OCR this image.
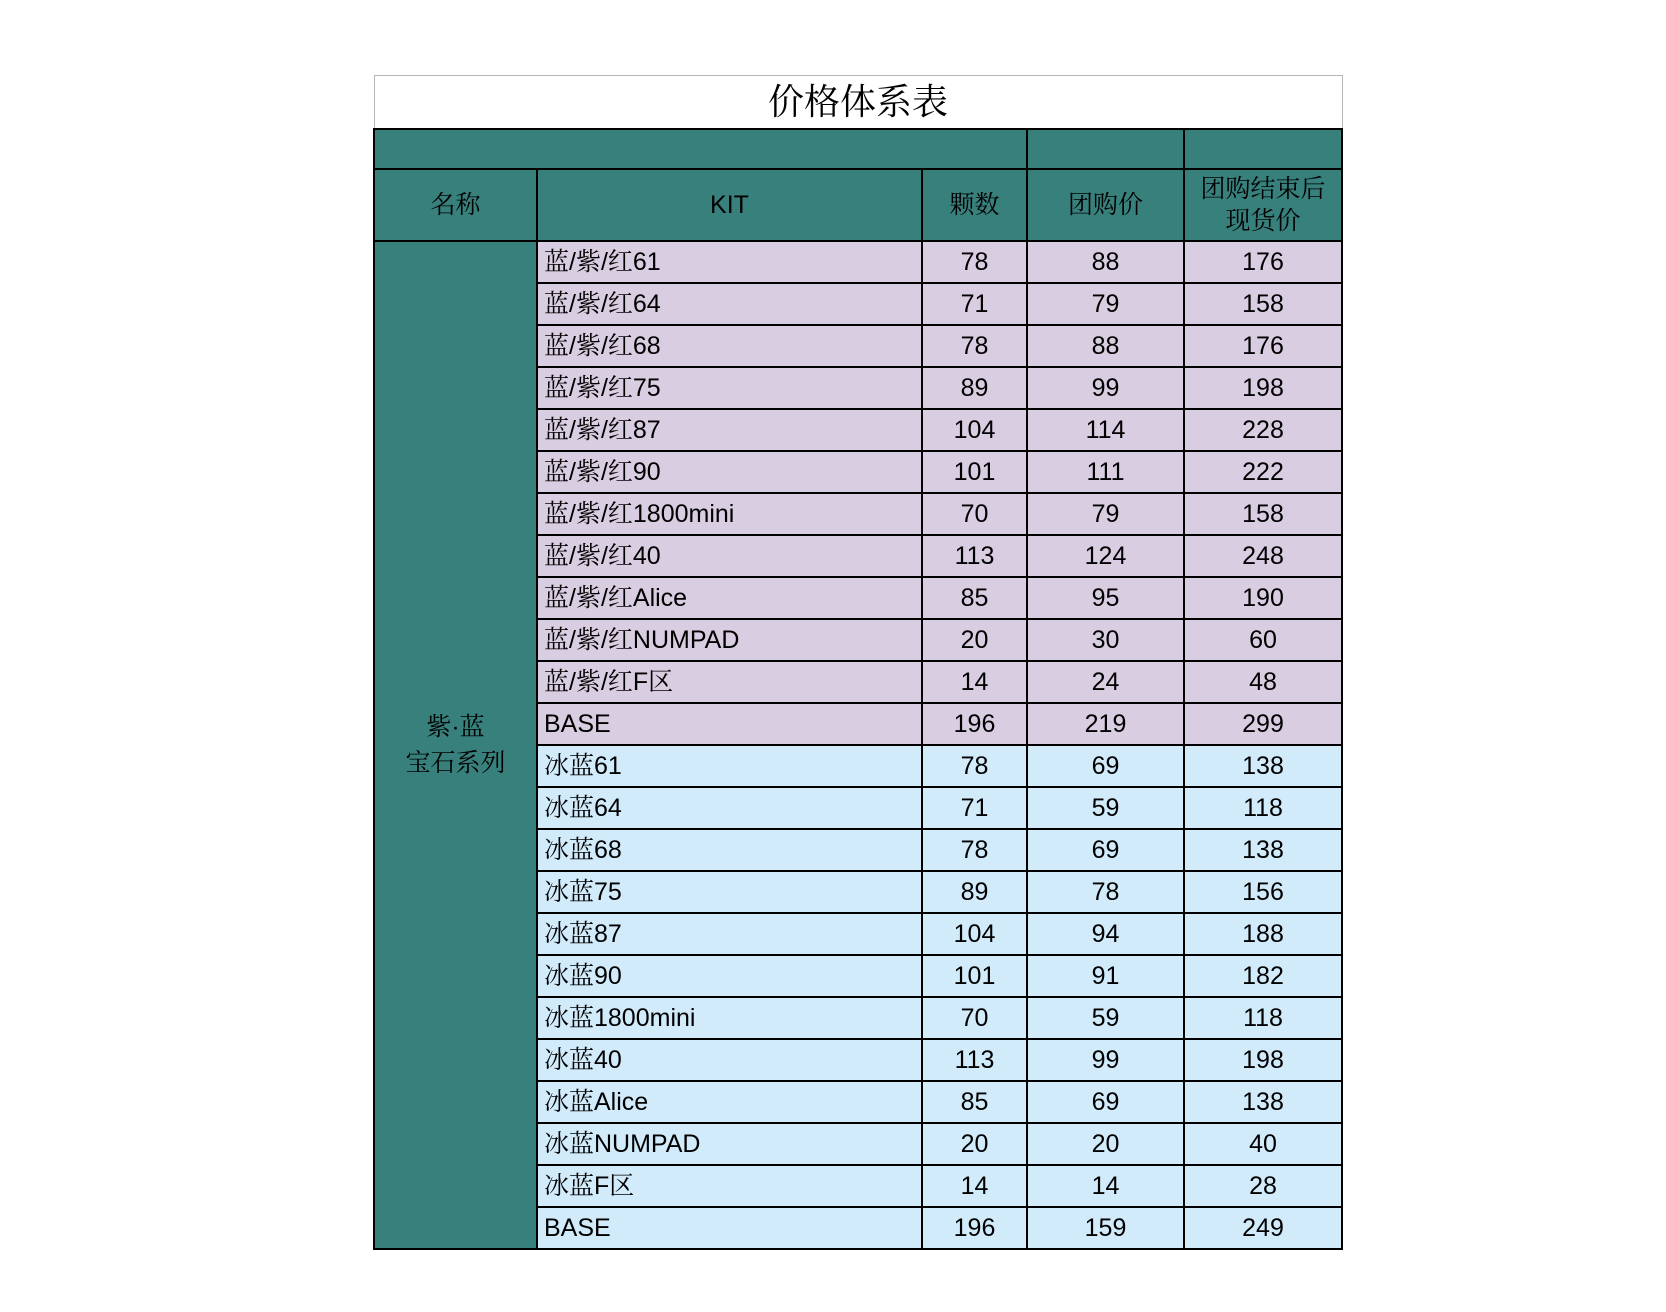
价格体系表				

名称	KIT	颗数	团购价	团购结束后
现货价

紫·蓝
宝石系列	蓝/紫/红61	78	88	176
	蓝/紫/红64	71	79	158
	蓝/紫/红68	78	88	176
	蓝/紫/红75	89	99	198
	蓝/紫/红87	104	114	228
	蓝/紫/红90	101	111	222
	蓝/紫/红1800mini	70	79	158
	蓝/紫/红40	113	124	248
	蓝/紫/红Alice	85	95	190
	蓝/紫/红NUMPAD	20	30	60
	蓝/紫/红F区	14	24	48
	BASE	196	219	299
	冰蓝61	78	69	138
	冰蓝64	71	59	118
	冰蓝68	78	69	138
	冰蓝75	89	78	156
	冰蓝87	104	94	188
	冰蓝90	101	91	182
	冰蓝1800mini	70	59	118
	冰蓝40	113	99	198
	冰蓝Alice	85	69	138
	冰蓝NUMPAD	20	20	40
	冰蓝F区	14	14	28
	BASE	196	159	249
